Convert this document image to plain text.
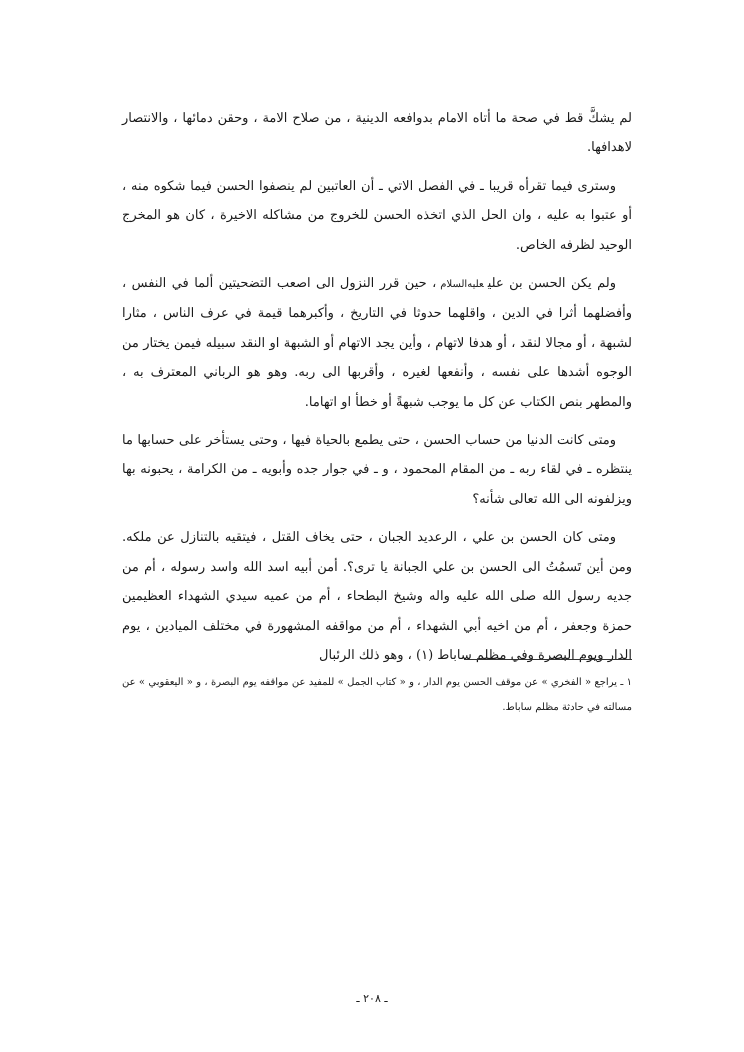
لم يشكَّ قط في صحة ما أتاه الامام بدوافعه الدينية ، من صلاح الامة ، وحقن دمائها ، والانتصار لاهدافها.

وسترى فيما تقرأه قريبا ـ في الفصل الاتي ـ أن العاتبين لم ينصفوا الحسن فيما شكوه منه ، أو عتبوا به عليه ، وان الحل الذي اتخذه الحسن للخروج من مشاكله الاخيرة ، كان هو المخرج الوحيد لظرفه الخاص.

ولم يكن الحسن بن عليعليه‌السلام، حين قرر النزول الى اصعب التضحيتين ألما في النفس ، وأفضلهما أثرا في الدين ، واقلهما حدوثا في التاريخ ، وأكبرهما قيمة في عرف الناس ، مثارا لشبهة ، أو مجالا لنقد ، أو هدفا لاتهام ، وأين يجد الاتهام أو الشبهة او النقد سبيله فيمن يختار من الوجوه أشدها على نفسه ، وأنفعها لغيره ، وأقربها الى ربه. وهو هو الرباني المعترف به ، والمطهر بنص الكتاب عن كل ما يوجب شبهةً أو خطأ او اتهاما.

ومتى كانت الدنيا من حساب الحسن ، حتى يطمع بالحياة فيها ، وحتى يستأخر على حسابها ما ينتظره ـ في لقاء ربه ـ من المقام المحمود ، و ـ في جوار جده وأبويه ـ من الكرامة ، يحبونه بها ويزلفونه الى الله تعالى شأنه؟

ومتى كان الحسن بن علي ، الرعديد الجبان ، حتى يخاف القتل ، فيتقيه بالتنازل عن ملكه. ومن أين تَسمُتُ الى الحسن بن علي الجبانة يا ترى؟. أمن أبيه اسد الله واسد رسوله ، أم من جديه رسول الله صلى الله عليه واله وشيخ البطحاء ، أم من عميه سيدي الشهداء العظيمين حمزة وجعفر ، أم من اخيه أبي الشهداء ، أم من مواقفه المشهورة في مختلف الميادين ، يوم الدار ويوم البصرة وفي مظلم ساباط (١) ، وهو ذلك الرئبال

١ ـ يراجع « الفخري » عن موقف الحسن يوم الدار ، و « كتاب الجمل » للمفيد عن مواقفه يوم البصرة ، و « اليعقوبي » عن مسالته في حادثة مظلم ساباط.

ـ ٢٠٨ ـ
